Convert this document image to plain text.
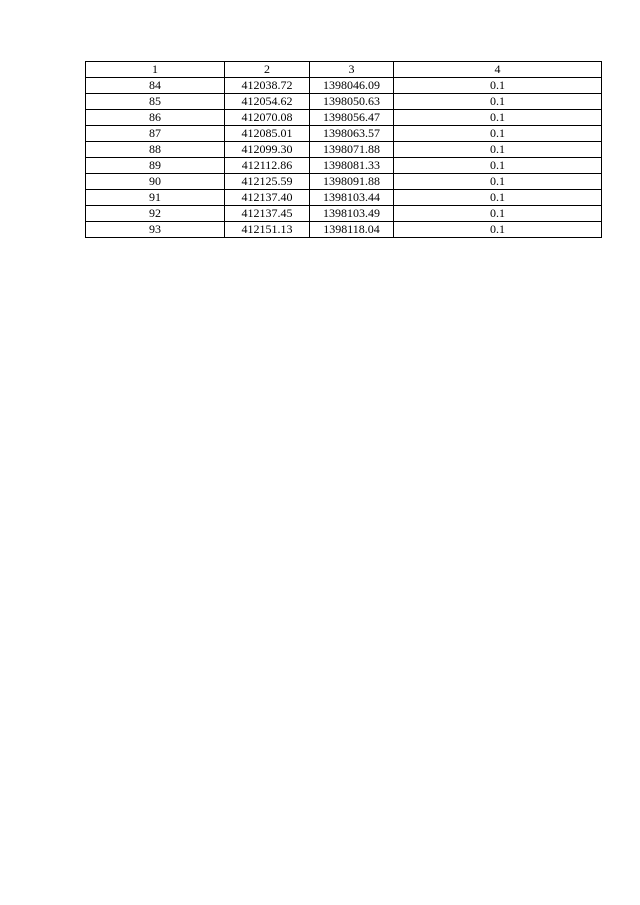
1	2	3	4
84	412038.72	1398046.09	0.1
85	412054.62	1398050.63	0.1
86	412070.08	1398056.47	0.1
87	412085.01	1398063.57	0.1
88	412099.30	1398071.88	0.1
89	412112.86	1398081.33	0.1
90	412125.59	1398091.88	0.1
91	412137.40	1398103.44	0.1
92	412137.45	1398103.49	0.1
93	412151.13	1398118.04	0.1
